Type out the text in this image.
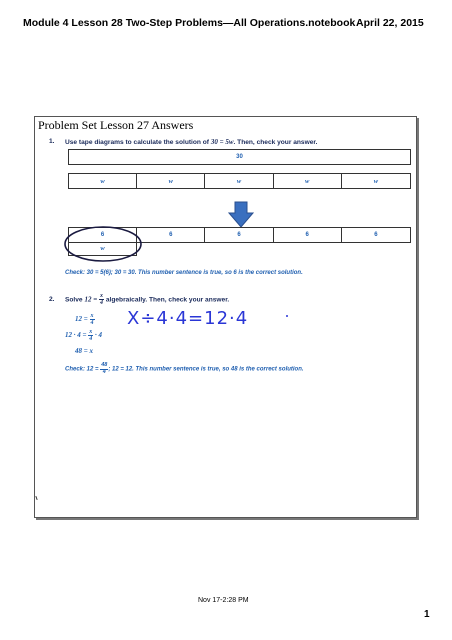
Module 4 Lesson 28 Two-Step Problems—All Operations.notebook April 22, 2015
Problem Set Lesson 27 Answers
1. Use tape diagrams to calculate the solution of 30 = 5w. Then, check your answer.
30
w	w	w	w	w
6	6	6	6	6
w
Check: 30 = 5(6); 30 = 30. This number sentence is true, so 6 is the correct solution.
2. Solve $12 = \frac{x}{4}$ algebraically. Then, check your answer.
$12 = \frac{x}{4}$
$12 \cdot 4 = \frac{x}{4} \cdot 4$
48 = x
X÷4·4=12·4
Check: $12 = \frac{48}{4}$ ; 12 = 12. This number sentence is true, so 48 is the correct solution.
Nov 17-2:28 PM
1
